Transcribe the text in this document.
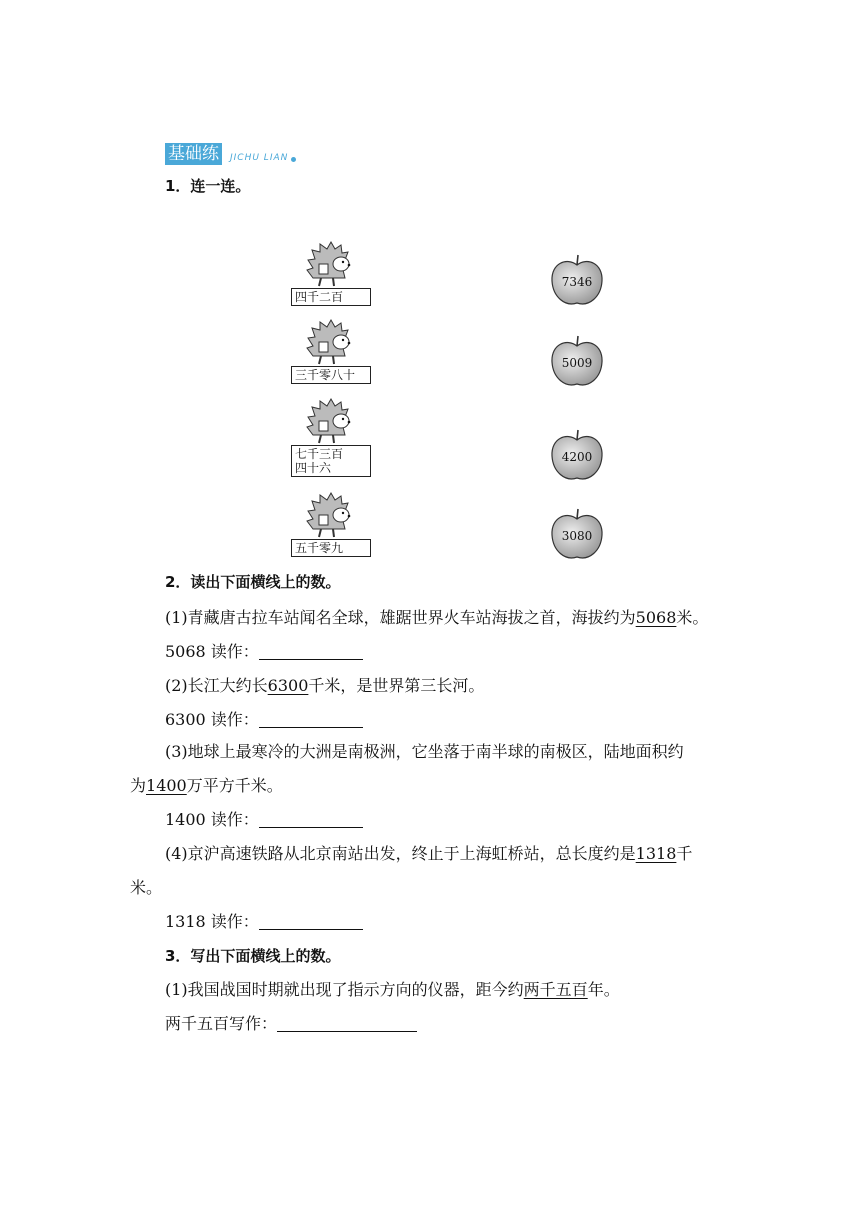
基础练	JICHU LIAN
1．连一连。
四千二百
三千零八十
七千三百
四十六
五千零九
7346
5009
4200
3080
2．读出下面横线上的数。
(1)青藏唐古拉车站闻名全球，雄踞世界火车站海拔之首，海拔约为5068米。
5068 读作：
(2)长江大约长6300千米，是世界第三长河。
6300 读作：
(3)地球上最寒冷的大洲是南极洲，它坐落于南半球的南极区，陆地面积约
为1400万平方千米。
1400 读作：
(4)京沪高速铁路从北京南站出发，终止于上海虹桥站，总长度约是1318千
米。
1318 读作：
3．写出下面横线上的数。
(1)我国战国时期就出现了指示方向的仪器，距今约两千五百年。
两千五百写作：
